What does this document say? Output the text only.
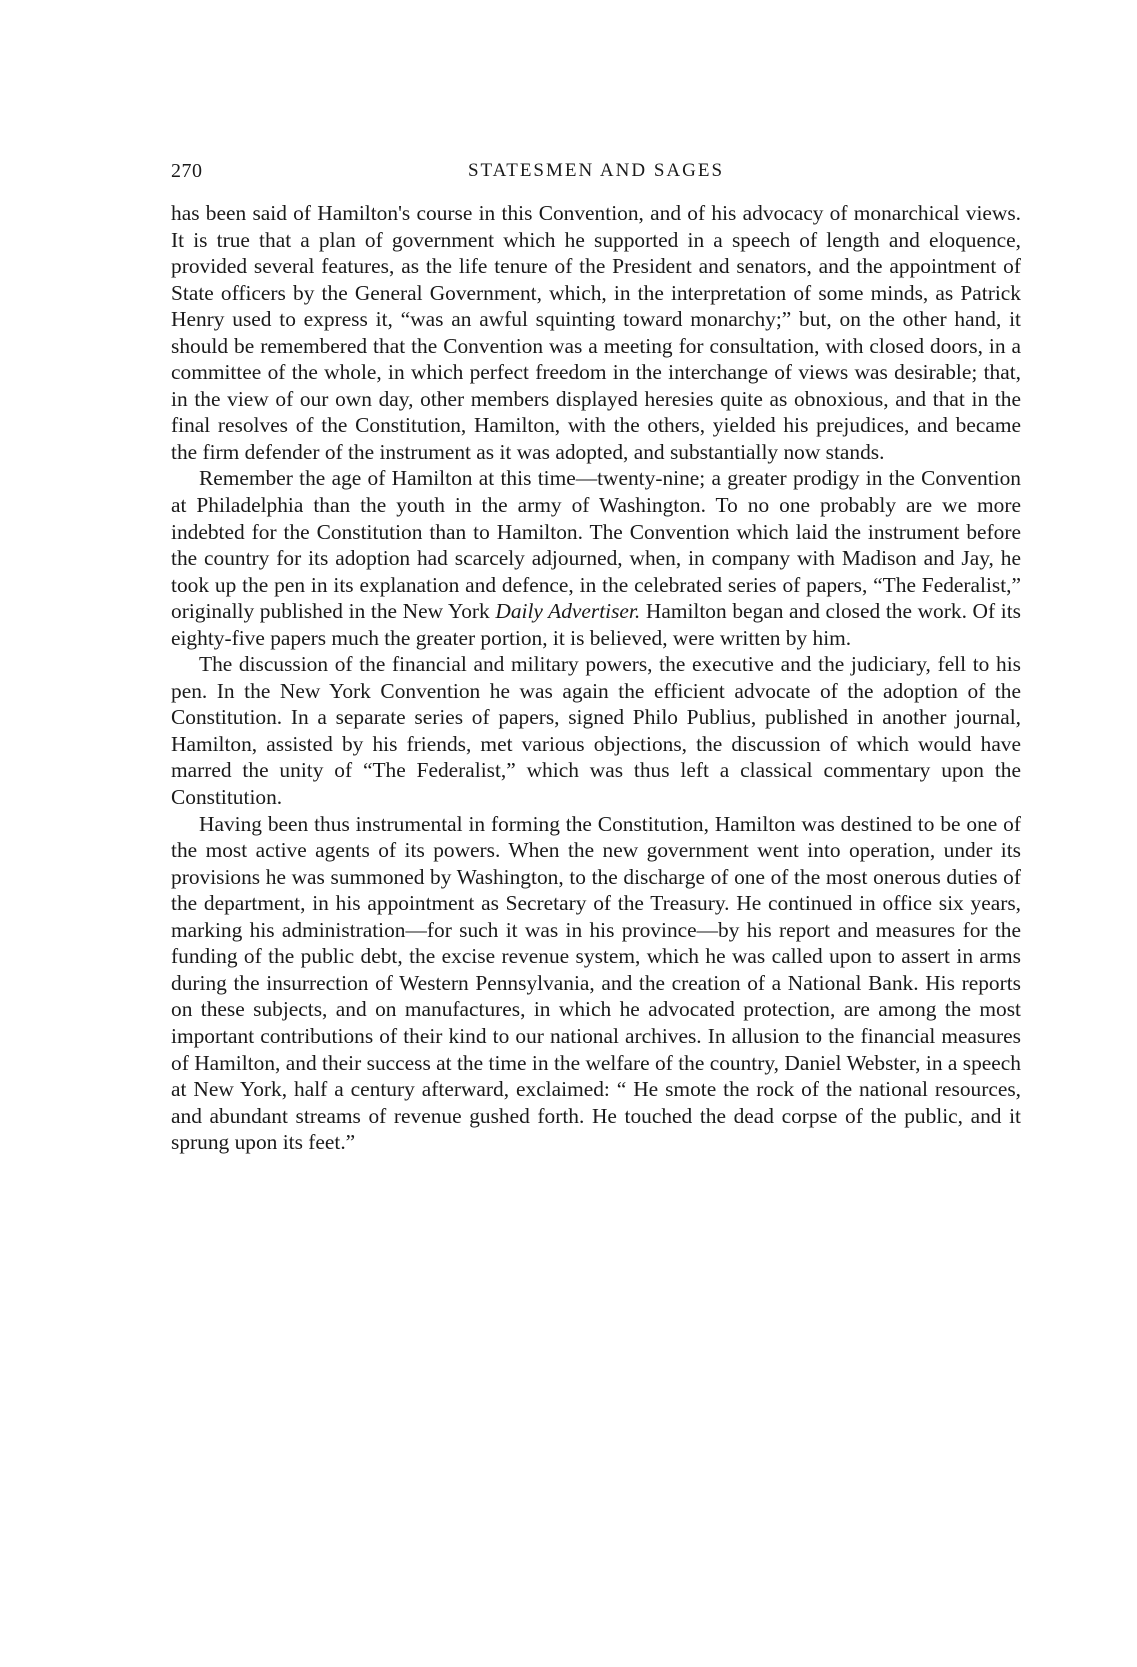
270	STATESMEN AND SAGES

has been said of Hamilton's course in this Convention, and of his advocacy of monarchical views. It is true that a plan of government which he supported in a speech of length and eloquence, provided several features, as the life tenure of the President and senators, and the appointment of State officers by the General Government, which, in the interpretation of some minds, as Patrick Henry used to express it, “was an awful squinting toward monarchy;” but, on the other hand, it should be remembered that the Convention was a meeting for consultation, with closed doors, in a committee of the whole, in which perfect freedom in the interchange of views was desirable; that, in the view of our own day, other members displayed heresies quite as obnoxious, and that in the final resolves of the Constitution, Hamilton, with the others, yielded his prejudices, and became the firm defender of the instrument as it was adopted, and substantially now stands.

Remember the age of Hamilton at this time—twenty-nine; a greater prodigy in the Convention at Philadelphia than the youth in the army of Washington. To no one probably are we more indebted for the Constitution than to Hamilton. The Convention which laid the instrument before the country for its adoption had scarcely adjourned, when, in company with Madison and Jay, he took up the pen in its explanation and defence, in the celebrated series of papers, “The Federalist,” originally published in the New York Daily Advertiser. Hamilton began and closed the work. Of its eighty-five papers much the greater portion, it is believed, were written by him.

The discussion of the financial and military powers, the executive and the judiciary, fell to his pen. In the New York Convention he was again the efficient advocate of the adoption of the Constitution. In a separate series of papers, signed Philo Publius, published in another journal, Hamilton, assisted by his friends, met various objections, the discussion of which would have marred the unity of “The Federalist,” which was thus left a classical commentary upon the Constitution.

Having been thus instrumental in forming the Constitution, Hamilton was destined to be one of the most active agents of its powers. When the new government went into operation, under its provisions he was summoned by Washington, to the discharge of one of the most onerous duties of the department, in his appointment as Secretary of the Treasury. He continued in office six years, marking his administration—for such it was in his province—by his report and measures for the funding of the public debt, the excise revenue system, which he was called upon to assert in arms during the insurrection of Western Pennsylvania, and the creation of a National Bank. His reports on these subjects, and on manufactures, in which he advocated protection, are among the most important contributions of their kind to our national archives. In allusion to the financial measures of Hamilton, and their success at the time in the welfare of the country, Daniel Webster, in a speech at New York, half a century afterward, exclaimed: “ He smote the rock of the national resources, and abundant streams of revenue gushed forth. He touched the dead corpse of the public, and it sprung upon its feet.”
